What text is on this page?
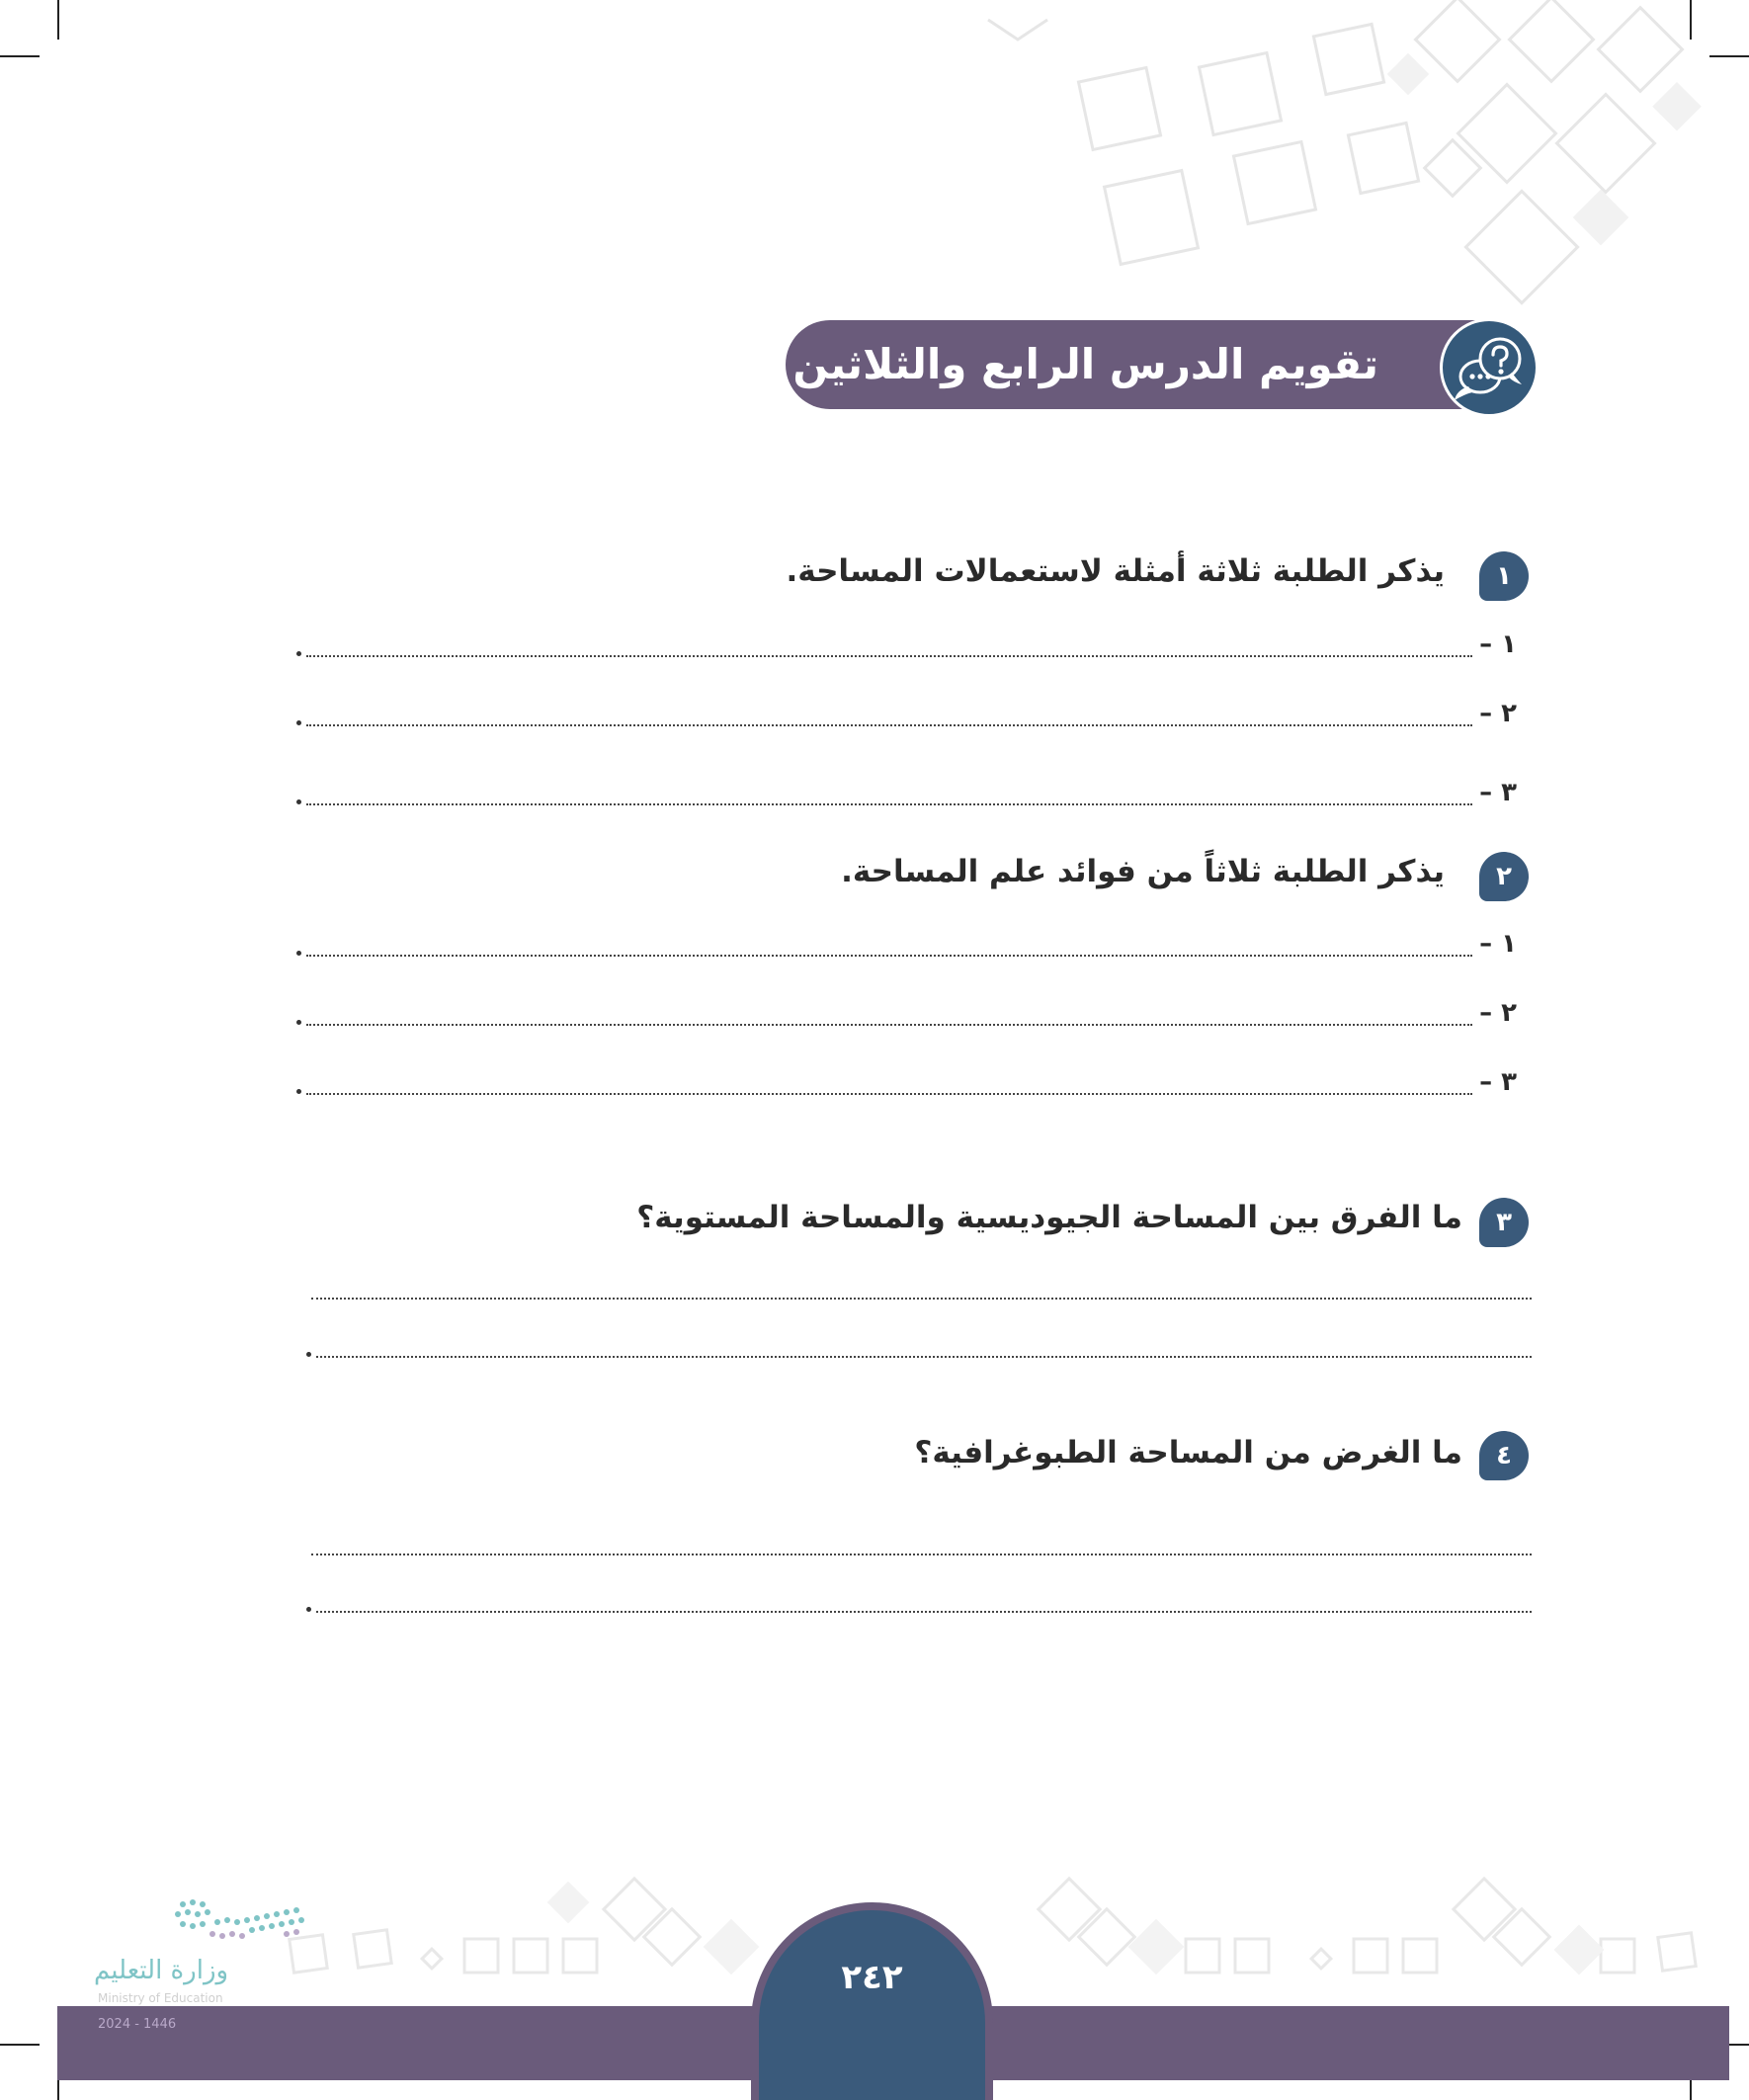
تقويم الدرس الرابع والثلاثين
١
يذكر الطلبة ثلاثة أمثلة لاستعمالات المساحة.
١ –
٢ –
٣ –
٢
يذكر الطلبة ثلاثاً من فوائد علم المساحة.
١ –
٢ –
٣ –
٣
ما الفرق بين المساحة الجيوديسية والمساحة المستوية؟
٤
ما الغرض من المساحة الطبوغرافية؟
٢٤٢
وزارة التعليم
Ministry of Education
2024 - 1446
